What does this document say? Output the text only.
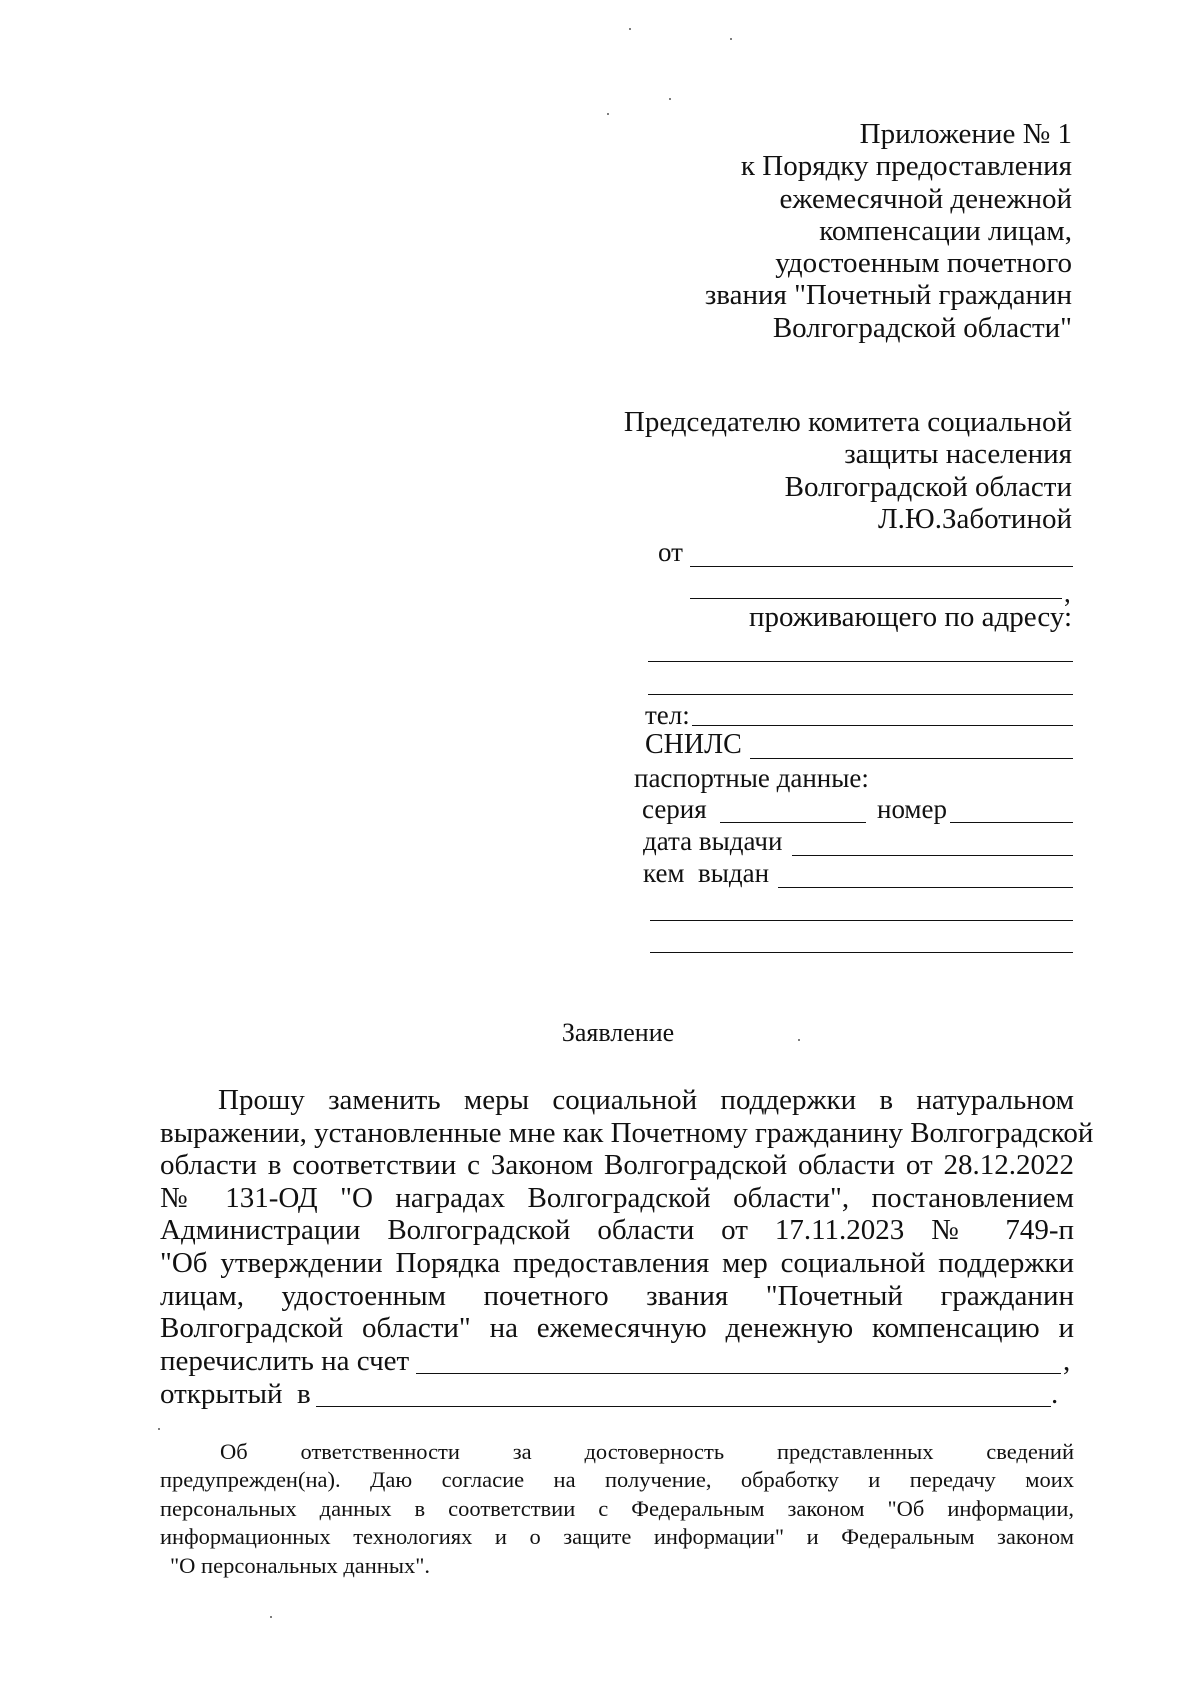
Приложение № 1
к Порядку предоставления
ежемесячной денежной
компенсации лицам,
удостоенным почетного
звания "Почетный гражданин
Волгоградской области"
Председателю комитета социальной
защиты населения
Волгоградской области
Л.Ю.Заботиной
от
,
проживающего по адресу:
тел:
СНИЛС
паспортные данные:
серия	номер
дата выдачи
кем  выдан
Заявление
Прошу заменить меры социальной поддержки в натуральном
выражении, установленные мне как Почетному гражданину Волгоградской
области в соответствии с Законом Волгоградской области от 28.12.2022
№ 131-ОД "О наградах Волгоградской области", постановлением
Администрации Волгоградской области от 17.11.2023 № 749-п
"Об утверждении Порядка предоставления мер социальной поддержки
лицам, удостоенным почетного звания "Почетный гражданин
Волгоградской области" на ежемесячную денежную компенсацию и
перечислить на счет	,
открытый  в	.
Об ответственности за достоверность представленных сведений
предупрежден(на). Даю согласие на получение, обработку и передачу моих
персональных данных в соответствии с Федеральным законом "Об информации,
информационных технологиях и о защите информации" и Федеральным законом
"О персональных данных".
